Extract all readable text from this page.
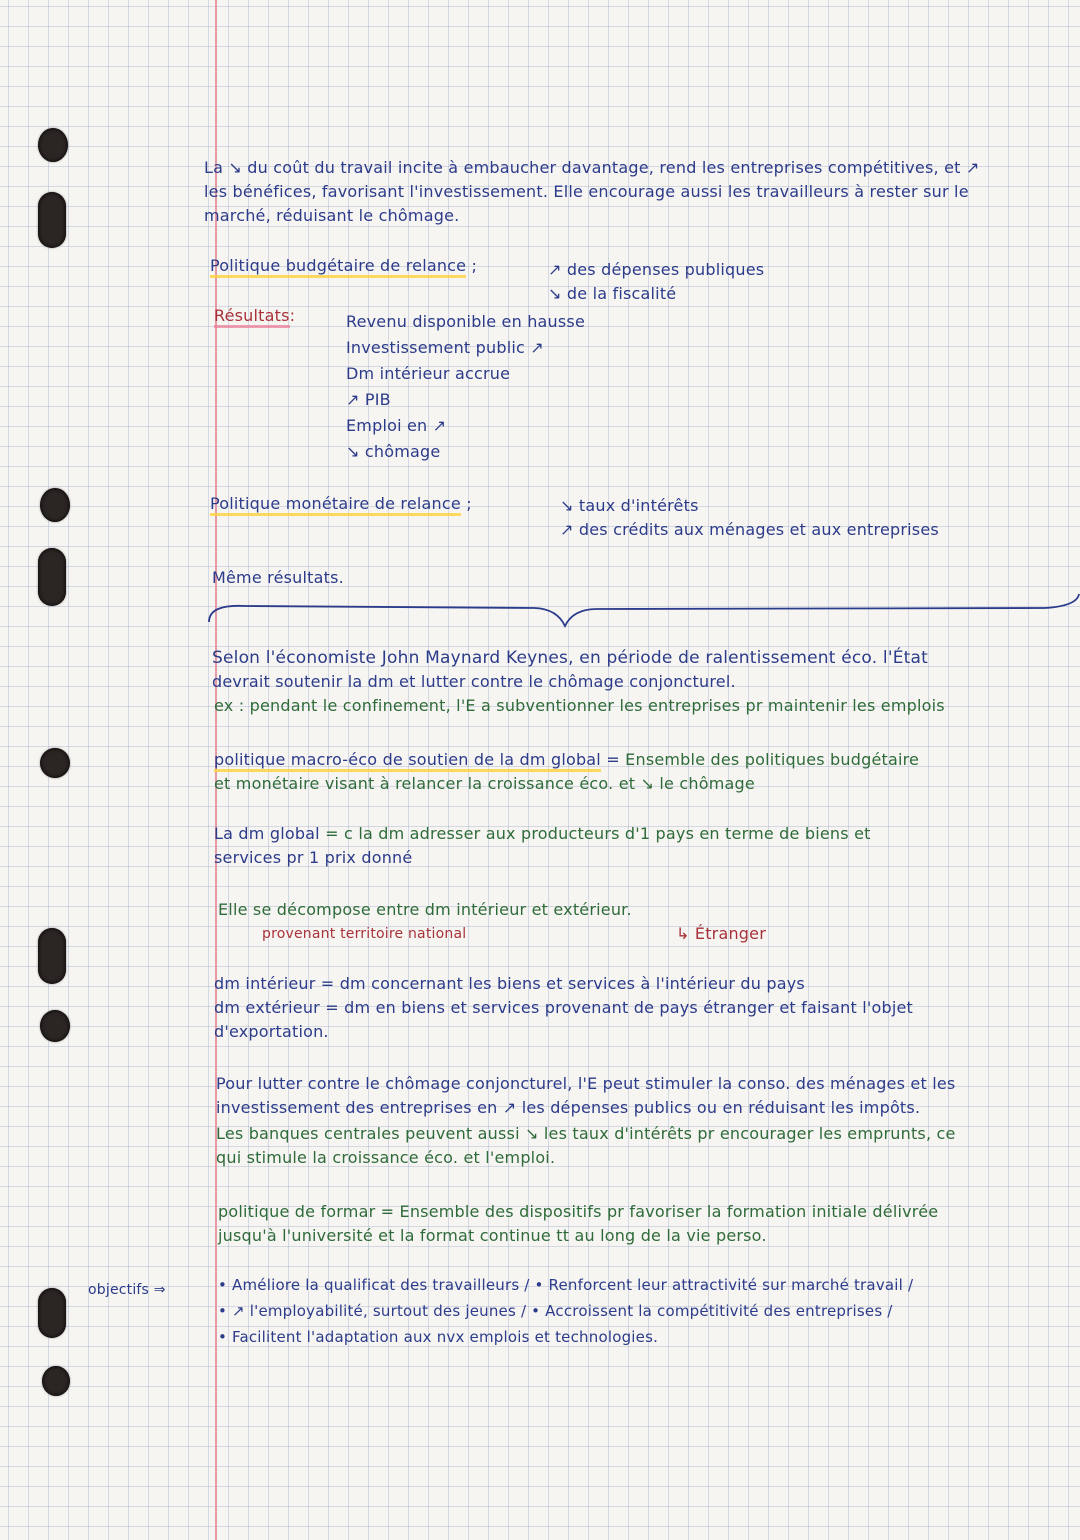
La ↘ du coût du travail incite à embaucher davantage, rend les entreprises compétitives, et ↗
les bénéfices, favorisant l'investissement. Elle encourage aussi les travailleurs à rester sur le
marché, réduisant le chômage.
Politique budgétaire de relance ;	↗ des dépenses publiques
↘ de la fiscalité
Résultats:	Revenu disponible en hausse
Investissement public ↗
Dm intérieur accrue
↗ PIB
Emploi en ↗
↘ chômage
Politique monétaire de relance ;	↘ taux d'intérêts
↗ des crédits aux ménages et aux entreprises
Même résultats.
Selon l'économiste John Maynard Keynes, en période de ralentissement éco. l'État
devrait soutenir la dm et lutter contre le chômage conjoncturel.
ex : pendant le confinement, l'E a subventionner les entreprises pr maintenir les emplois
politique macro-éco de soutien de la dm global = Ensemble des politiques budgétaire
et monétaire visant à relancer la croissance éco. et ↘ le chômage
La dm global = c la dm adresser aux producteurs d'1 pays en terme de biens et
services pr 1 prix donné
Elle se décompose entre dm intérieur et extérieur.
provenant territoire national	↳ Étranger
dm intérieur = dm concernant les biens et services à l'intérieur du pays
dm extérieur = dm en biens et services provenant de pays étranger et faisant l'objet
d'exportation.
Pour lutter contre le chômage conjoncturel, l'E peut stimuler la conso. des ménages et les
investissement des entreprises en ↗ les dépenses publics ou en réduisant les impôts.
Les banques centrales peuvent aussi ↘ les taux d'intérêts pr encourager les emprunts, ce
qui stimule la croissance éco. et l'emploi.
politique de formar = Ensemble des dispositifs pr favoriser la formation initiale délivrée
jusqu'à l'université et la format continue tt au long de la vie perso.
objectifs ⇒	• Améliore la qualificat des travailleurs / • Renforcent leur attractivité sur marché travail /
• ↗ l'employabilité, surtout des jeunes / • Accroissent la compétitivité des entreprises /
• Facilitent l'adaptation aux nvx emplois et technologies.
